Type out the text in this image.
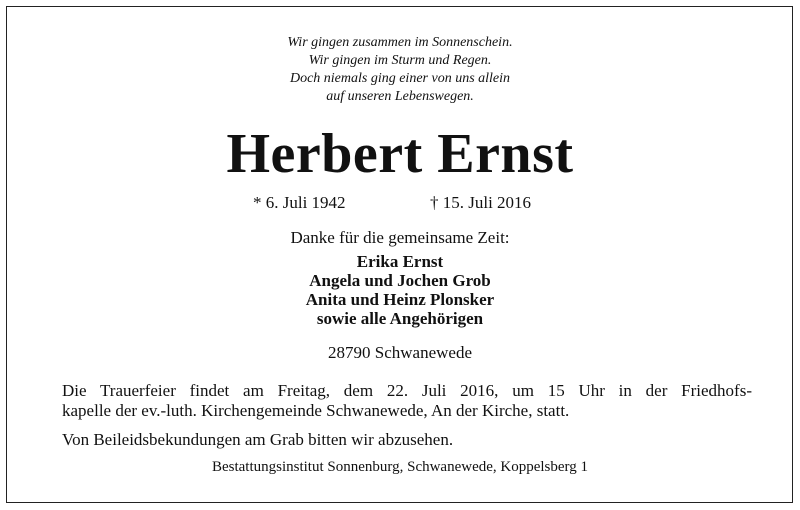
Wir gingen zusammen im Sonnenschein.
Wir gingen im Sturm und Regen.
Doch niemals ging einer von uns allein
auf unseren Lebenswegen.
Herbert Ernst
* 6. Juli 1942	† 15. Juli 2016
Danke für die gemeinsame Zeit:
Erika Ernst
Angela und Jochen Grob
Anita und Heinz Plonsker
sowie alle Angehörigen
28790 Schwanewede
Die Trauerfeier findet am Freitag, dem 22. Juli 2016, um 15 Uhr in der Friedhofs-
kapelle der ev.-luth. Kirchengemeinde Schwanewede, An der Kirche, statt.
Von Beileidsbekundungen am Grab bitten wir abzusehen.
Bestattungsinstitut Sonnenburg, Schwanewede, Koppelsberg 1
